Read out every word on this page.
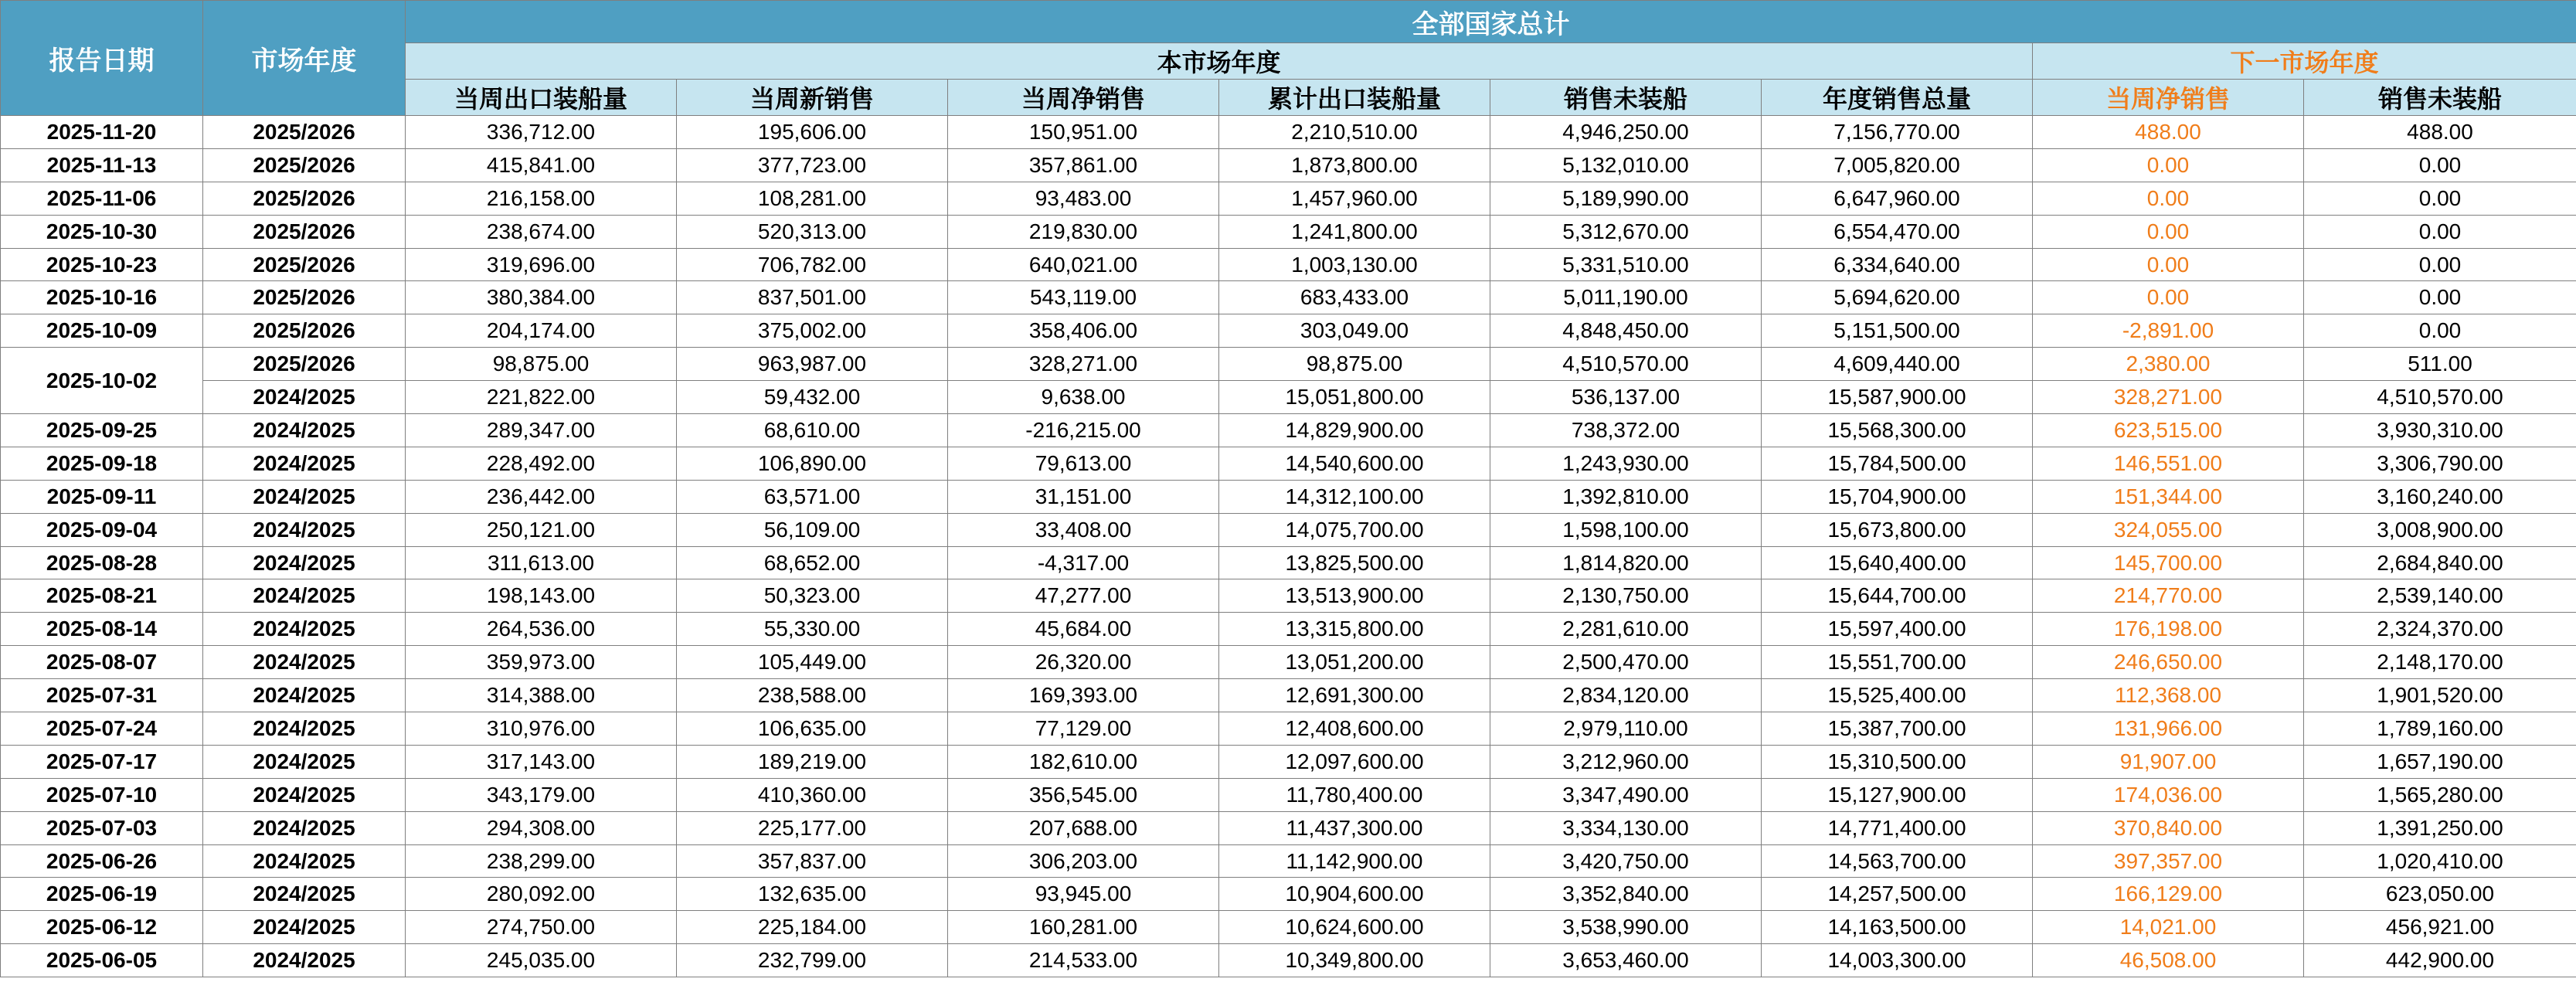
报告日期	市场年度	全部国家总计							
		本市场年度						下一市场年度	
		当周出口装船量	当周新销售	当周净销售	累计出口装船量	销售未装船	年度销售总量	当周净销售	销售未装船
2025-11-20	2025/2026	336,712.00	195,606.00	150,951.00	2,210,510.00	4,946,250.00	7,156,770.00	488.00	488.00
2025-11-13	2025/2026	415,841.00	377,723.00	357,861.00	1,873,800.00	5,132,010.00	7,005,820.00	0.00	0.00
2025-11-06	2025/2026	216,158.00	108,281.00	93,483.00	1,457,960.00	5,189,990.00	6,647,960.00	0.00	0.00
2025-10-30	2025/2026	238,674.00	520,313.00	219,830.00	1,241,800.00	5,312,670.00	6,554,470.00	0.00	0.00
2025-10-23	2025/2026	319,696.00	706,782.00	640,021.00	1,003,130.00	5,331,510.00	6,334,640.00	0.00	0.00
2025-10-16	2025/2026	380,384.00	837,501.00	543,119.00	683,433.00	5,011,190.00	5,694,620.00	0.00	0.00
2025-10-09	2025/2026	204,174.00	375,002.00	358,406.00	303,049.00	4,848,450.00	5,151,500.00	-2,891.00	0.00
2025-10-02	2025/2026	98,875.00	963,987.00	328,271.00	98,875.00	4,510,570.00	4,609,440.00	2,380.00	511.00
	2024/2025	221,822.00	59,432.00	9,638.00	15,051,800.00	536,137.00	15,587,900.00	328,271.00	4,510,570.00
2025-09-25	2024/2025	289,347.00	68,610.00	-216,215.00	14,829,900.00	738,372.00	15,568,300.00	623,515.00	3,930,310.00
2025-09-18	2024/2025	228,492.00	106,890.00	79,613.00	14,540,600.00	1,243,930.00	15,784,500.00	146,551.00	3,306,790.00
2025-09-11	2024/2025	236,442.00	63,571.00	31,151.00	14,312,100.00	1,392,810.00	15,704,900.00	151,344.00	3,160,240.00
2025-09-04	2024/2025	250,121.00	56,109.00	33,408.00	14,075,700.00	1,598,100.00	15,673,800.00	324,055.00	3,008,900.00
2025-08-28	2024/2025	311,613.00	68,652.00	-4,317.00	13,825,500.00	1,814,820.00	15,640,400.00	145,700.00	2,684,840.00
2025-08-21	2024/2025	198,143.00	50,323.00	47,277.00	13,513,900.00	2,130,750.00	15,644,700.00	214,770.00	2,539,140.00
2025-08-14	2024/2025	264,536.00	55,330.00	45,684.00	13,315,800.00	2,281,610.00	15,597,400.00	176,198.00	2,324,370.00
2025-08-07	2024/2025	359,973.00	105,449.00	26,320.00	13,051,200.00	2,500,470.00	15,551,700.00	246,650.00	2,148,170.00
2025-07-31	2024/2025	314,388.00	238,588.00	169,393.00	12,691,300.00	2,834,120.00	15,525,400.00	112,368.00	1,901,520.00
2025-07-24	2024/2025	310,976.00	106,635.00	77,129.00	12,408,600.00	2,979,110.00	15,387,700.00	131,966.00	1,789,160.00
2025-07-17	2024/2025	317,143.00	189,219.00	182,610.00	12,097,600.00	3,212,960.00	15,310,500.00	91,907.00	1,657,190.00
2025-07-10	2024/2025	343,179.00	410,360.00	356,545.00	11,780,400.00	3,347,490.00	15,127,900.00	174,036.00	1,565,280.00
2025-07-03	2024/2025	294,308.00	225,177.00	207,688.00	11,437,300.00	3,334,130.00	14,771,400.00	370,840.00	1,391,250.00
2025-06-26	2024/2025	238,299.00	357,837.00	306,203.00	11,142,900.00	3,420,750.00	14,563,700.00	397,357.00	1,020,410.00
2025-06-19	2024/2025	280,092.00	132,635.00	93,945.00	10,904,600.00	3,352,840.00	14,257,500.00	166,129.00	623,050.00
2025-06-12	2024/2025	274,750.00	225,184.00	160,281.00	10,624,600.00	3,538,990.00	14,163,500.00	14,021.00	456,921.00
2025-06-05	2024/2025	245,035.00	232,799.00	214,533.00	10,349,800.00	3,653,460.00	14,003,300.00	46,508.00	442,900.00
